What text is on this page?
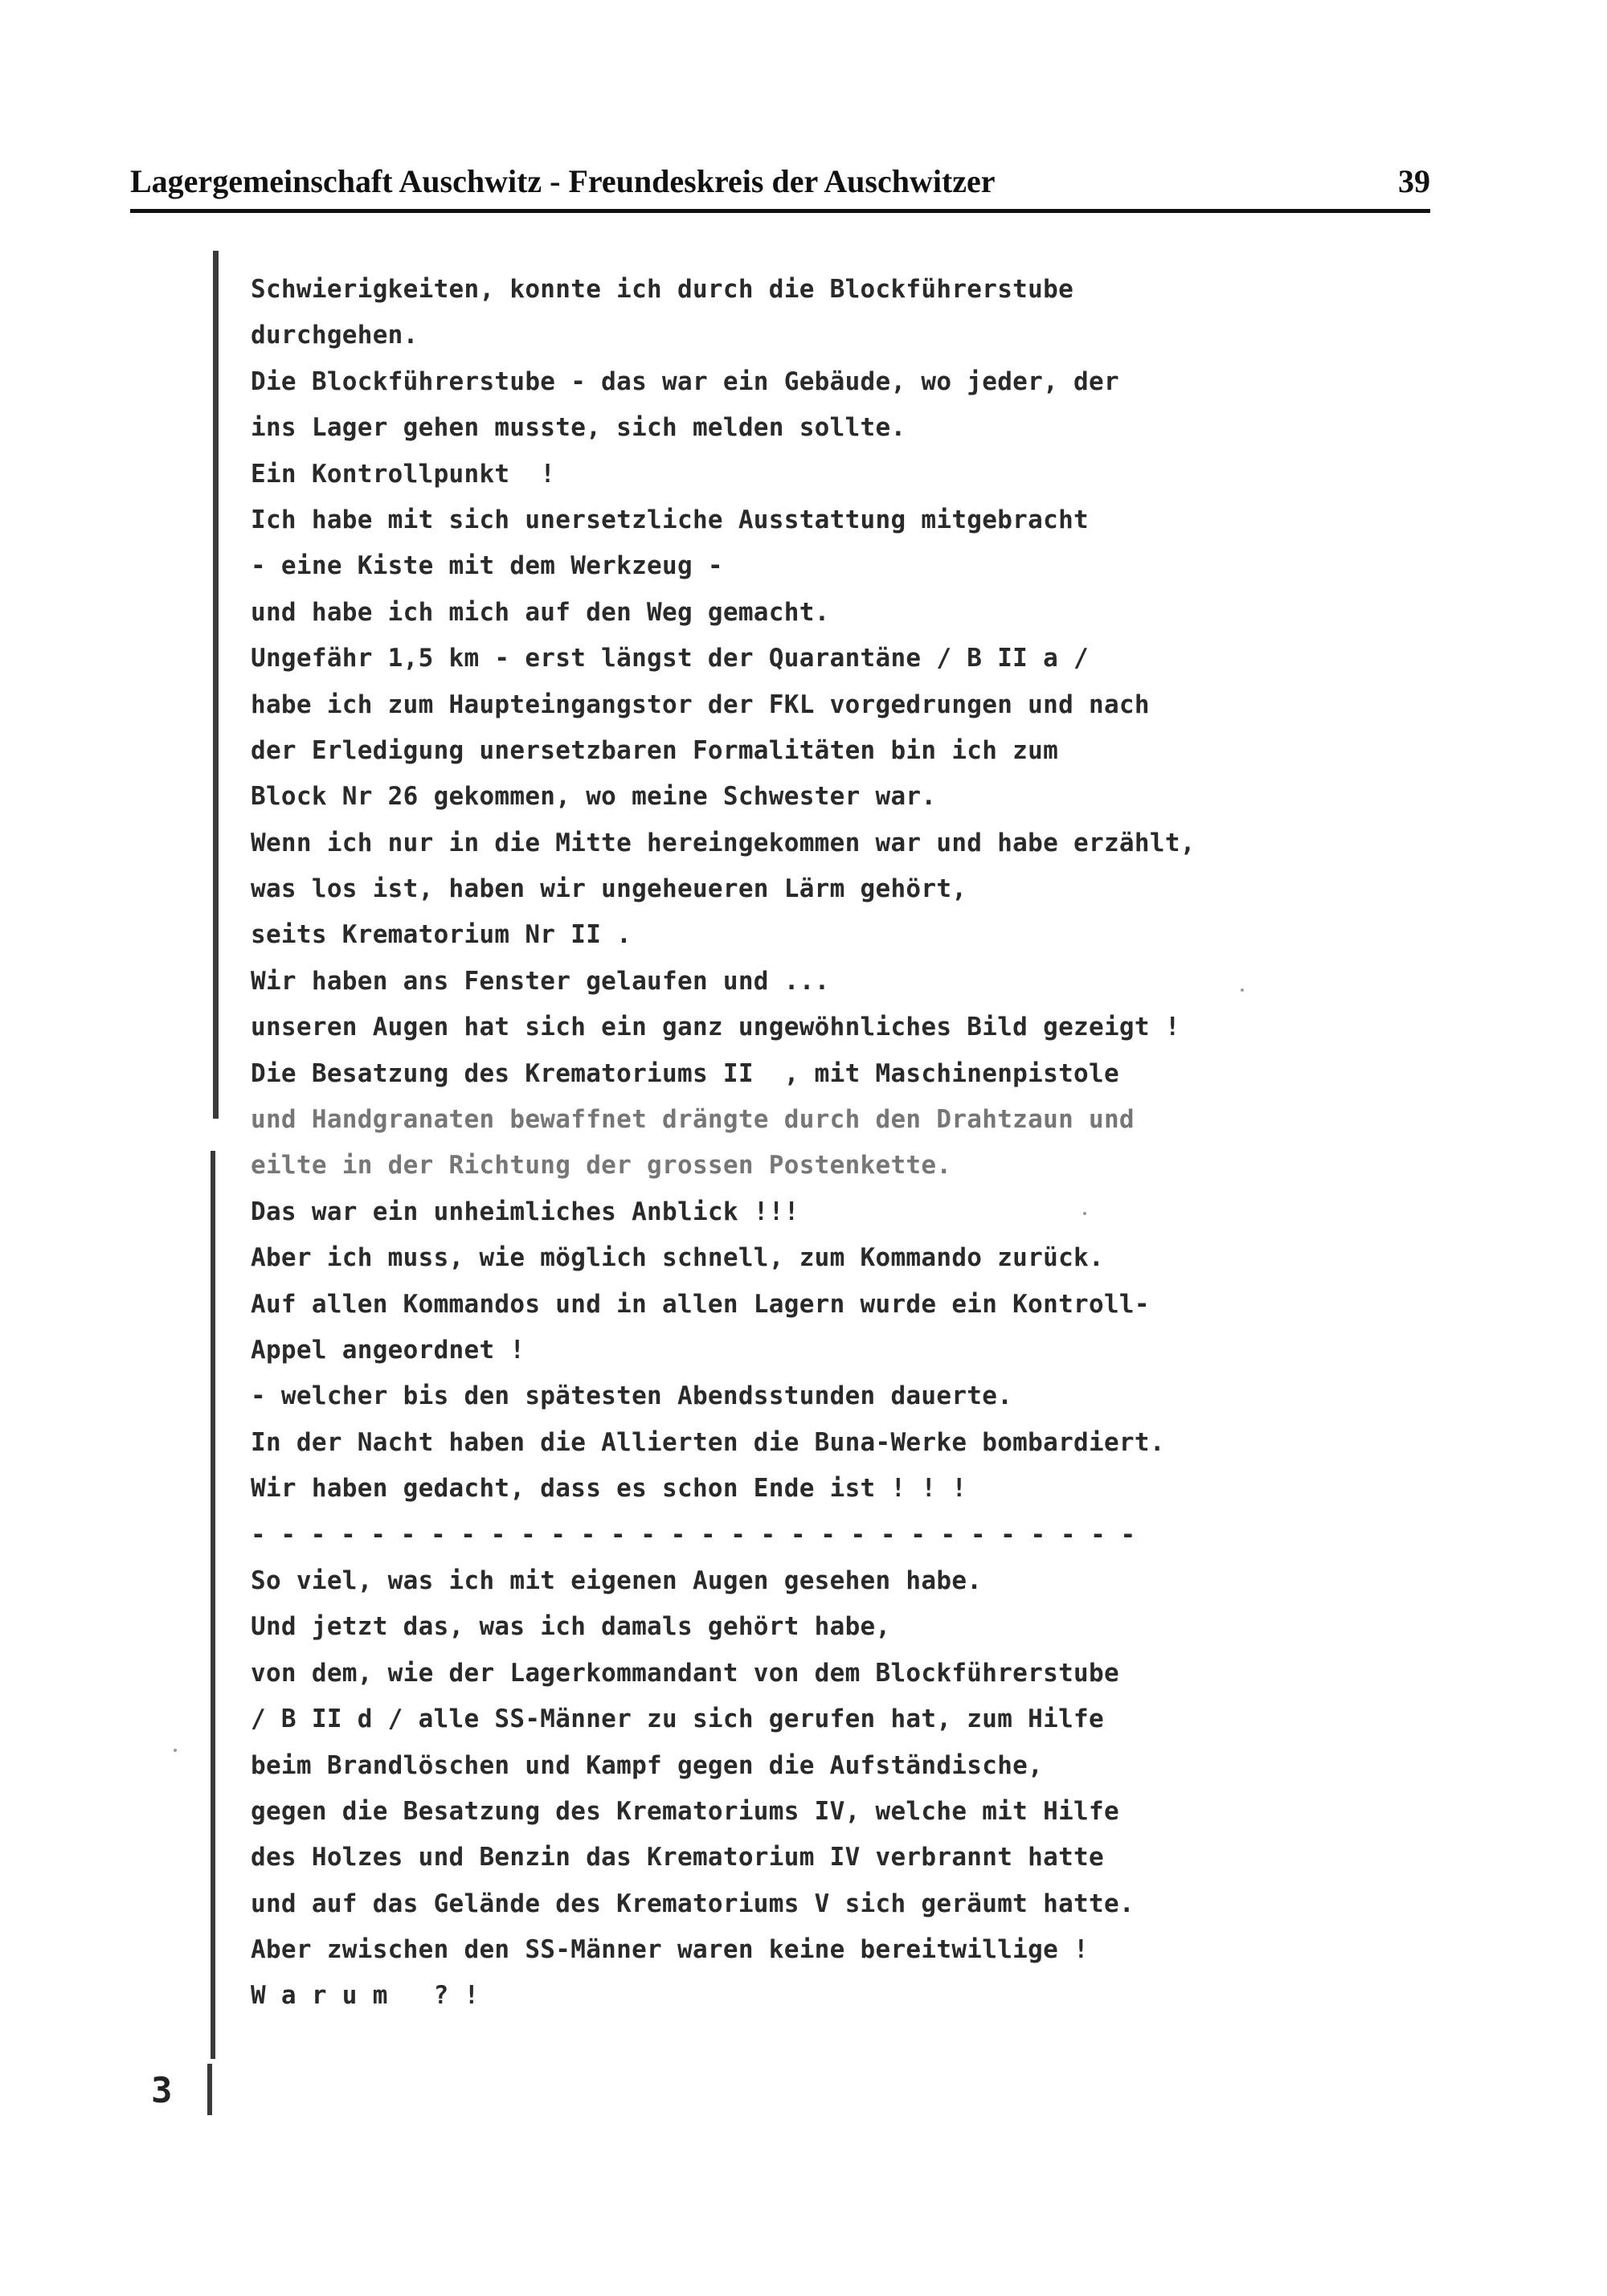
Lagergemeinschaft Auschwitz - Freundeskreis der Auschwitzer	39
3
Schwierigkeiten, konnte ich durch die Blockführerstube
durchgehen.
Die Blockführerstube - das war ein Gebäude, wo jeder, der
ins Lager gehen musste, sich melden sollte.
Ein Kontrollpunkt  !
Ich habe mit sich unersetzliche Ausstattung mitgebracht
- eine Kiste mit dem Werkzeug -
und habe ich mich auf den Weg gemacht.
Ungefähr 1,5 km - erst längst der Quarantäne / B II a /
habe ich zum Haupteingangstor der FKL vorgedrungen und nach
der Erledigung unersetzbaren Formalitäten bin ich zum
Block Nr 26 gekommen, wo meine Schwester war.
Wenn ich nur in die Mitte hereingekommen war und habe erzählt,
was los ist, haben wir ungeheueren Lärm gehört,
seits Krematorium Nr II .
Wir haben ans Fenster gelaufen und ...
unseren Augen hat sich ein ganz ungewöhnliches Bild gezeigt !
Die Besatzung des Krematoriums II  , mit Maschinenpistole
und Handgranaten bewaffnet drängte durch den Drahtzaun und
eilte in der Richtung der grossen Postenkette.
Das war ein unheimliches Anblick !!!
Aber ich muss, wie möglich schnell, zum Kommando zurück.
Auf allen Kommandos und in allen Lagern wurde ein Kontroll-
Appel angeordnet !
- welcher bis den spätesten Abendsstunden dauerte.
In der Nacht haben die Allierten die Buna-Werke bombardiert.
Wir haben gedacht, dass es schon Ende ist ! ! !
- - - - - - - - - - - - - - - - - - - - - - - - - - - - - -
So viel, was ich mit eigenen Augen gesehen habe.
Und jetzt das, was ich damals gehört habe,
von dem, wie der Lagerkommandant von dem Blockführerstube
/ B II d / alle SS-Männer zu sich gerufen hat, zum Hilfe
beim Brandlöschen und Kampf gegen die Aufständische,
gegen die Besatzung des Krematoriums IV, welche mit Hilfe
des Holzes und Benzin das Krematorium IV verbrannt hatte
und auf das Gelände des Krematoriums V sich geräumt hatte.
Aber zwischen den SS-Männer waren keine bereitwillige !
W a r u m   ? !
